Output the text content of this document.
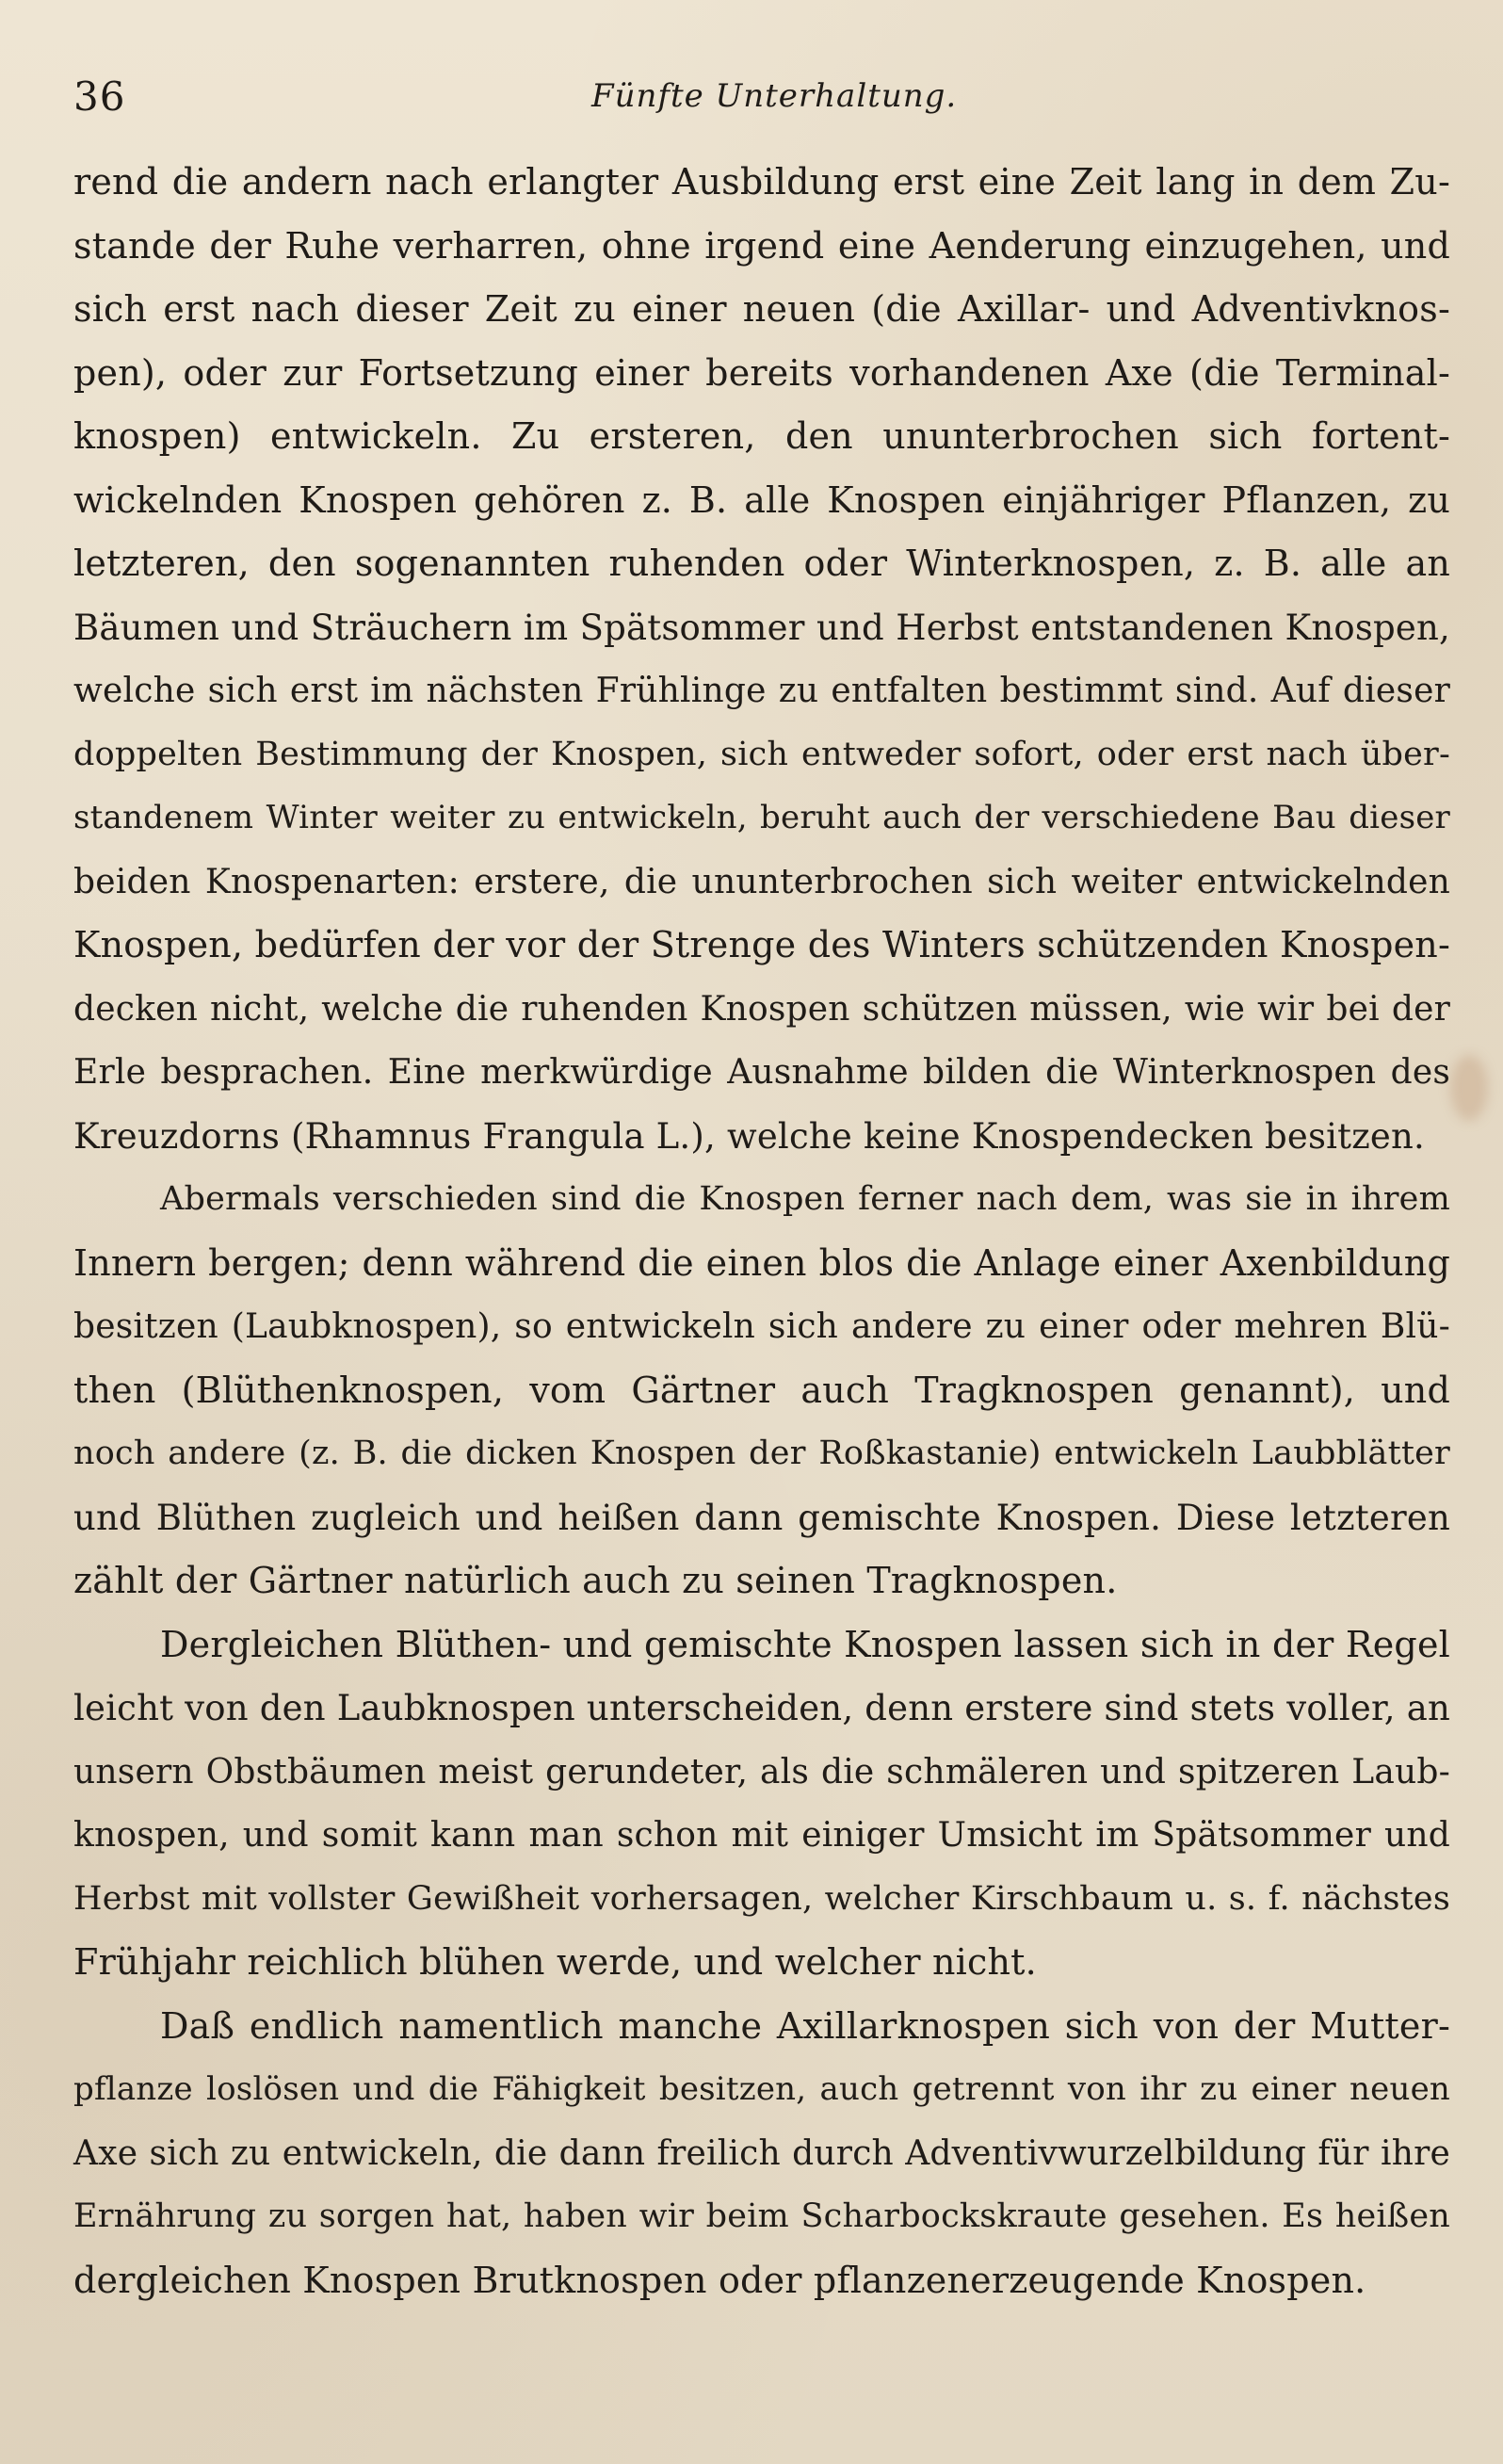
36	Fünfte Unterhaltung.
rend die andern nach erlangter Ausbildung erst eine Zeit lang in dem Zu-
stande der Ruhe verharren, ohne irgend eine Aenderung einzugehen, und
sich erst nach dieser Zeit zu einer neuen (die Axillar- und Adventivknos-
pen), oder zur Fortsetzung einer bereits vorhandenen Axe (die Terminal-
knospen) entwickeln. Zu ersteren, den ununterbrochen sich fortent-
wickelnden Knospen gehören z. B. alle Knospen einjähriger Pflanzen, zu
letzteren, den sogenannten ruhenden oder Winterknospen, z. B. alle an
Bäumen und Sträuchern im Spätsommer und Herbst entstandenen Knospen,
welche sich erst im nächsten Frühlinge zu entfalten bestimmt sind. Auf dieser
doppelten Bestimmung der Knospen, sich entweder sofort, oder erst nach über-
standenem Winter weiter zu entwickeln, beruht auch der verschiedene Bau dieser
beiden Knospenarten: erstere, die ununterbrochen sich weiter entwickelnden
Knospen, bedürfen der vor der Strenge des Winters schützenden Knospen-
decken nicht, welche die ruhenden Knospen schützen müssen, wie wir bei der
Erle besprachen. Eine merkwürdige Ausnahme bilden die Winterknospen des
Kreuzdorns (Rhamnus Frangula L.), welche keine Knospendecken besitzen.
Abermals verschieden sind die Knospen ferner nach dem, was sie in ihrem
Innern bergen; denn während die einen blos die Anlage einer Axenbildung
besitzen (Laubknospen), so entwickeln sich andere zu einer oder mehren Blü-
then (Blüthenknospen, vom Gärtner auch Tragknospen genannt), und
noch andere (z. B. die dicken Knospen der Roßkastanie) entwickeln Laubblätter
und Blüthen zugleich und heißen dann gemischte Knospen. Diese letzteren
zählt der Gärtner natürlich auch zu seinen Tragknospen.
Dergleichen Blüthen- und gemischte Knospen lassen sich in der Regel
leicht von den Laubknospen unterscheiden, denn erstere sind stets voller, an
unsern Obstbäumen meist gerundeter, als die schmäleren und spitzeren Laub-
knospen, und somit kann man schon mit einiger Umsicht im Spätsommer und
Herbst mit vollster Gewißheit vorhersagen, welcher Kirschbaum u. s. f. nächstes
Frühjahr reichlich blühen werde, und welcher nicht.
Daß endlich namentlich manche Axillarknospen sich von der Mutter-
pflanze loslösen und die Fähigkeit besitzen, auch getrennt von ihr zu einer neuen
Axe sich zu entwickeln, die dann freilich durch Adventivwurzelbildung für ihre
Ernährung zu sorgen hat, haben wir beim Scharbockskraute gesehen. Es heißen
dergleichen Knospen Brutknospen oder pflanzenerzeugende Knospen.
